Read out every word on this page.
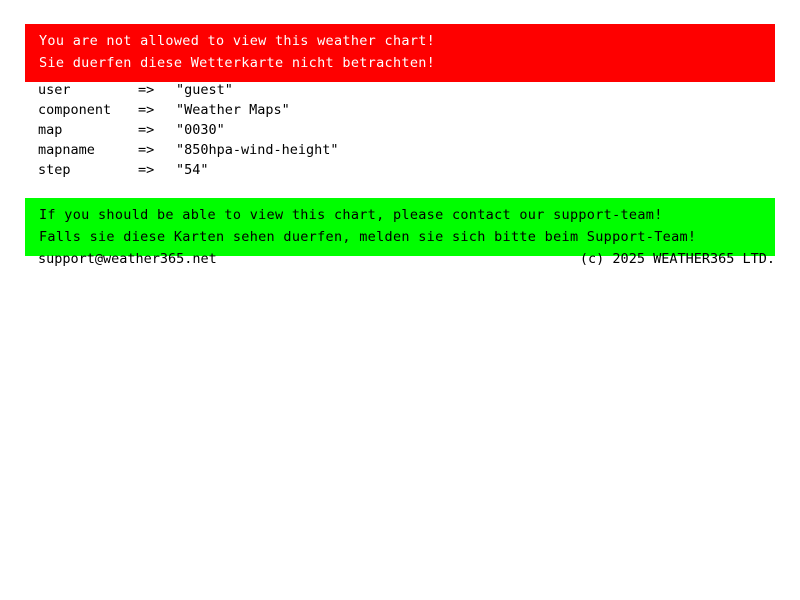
You are not allowed to view this weather chart!
Sie duerfen diese Wetterkarte nicht betrachten!
user	=>	"guest"
component	=>	"Weather Maps"
map	=>	"0030"
mapname	=>	"850hpa-wind-height"
step	=>	"54"
If you should be able to view this chart, please contact our support-team!
Falls sie diese Karten sehen duerfen, melden sie sich bitte beim Support-Team!
support@weather365.net	(c) 2025 WEATHER365 LTD.
